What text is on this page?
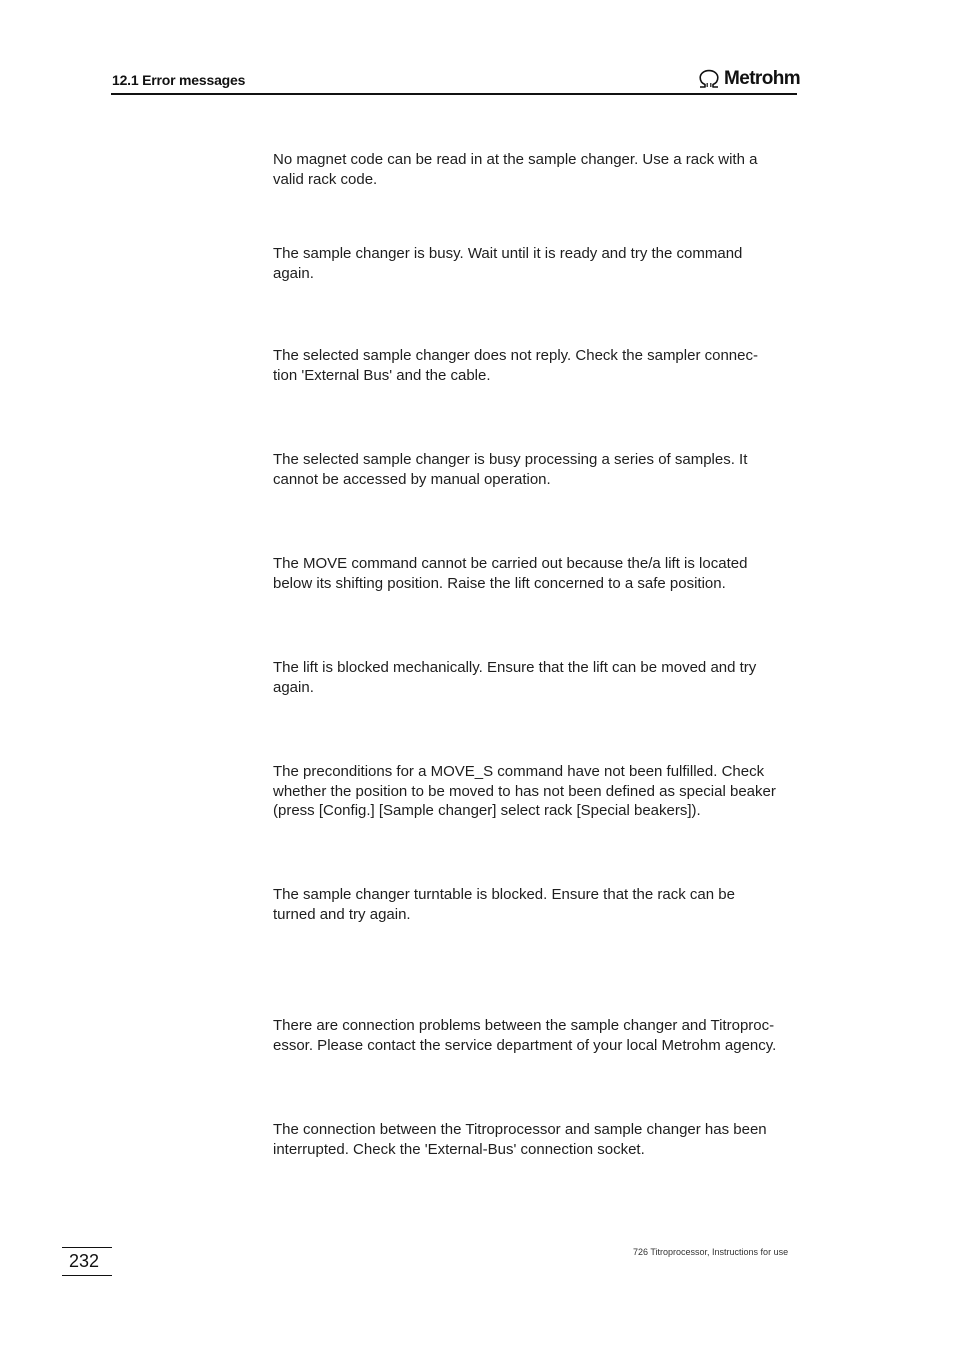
12.1 Error messages	Metrohm
No magnet code can be read in at the sample changer. Use a rack with a
valid rack code.
The sample changer is busy. Wait until it is ready and try the command
again.
The selected sample changer does not reply. Check the sampler connec-
tion 'External Bus' and the cable.
The selected sample changer is busy processing a series of samples. It
cannot be accessed by manual operation.
The MOVE command cannot be carried out because the/a lift is located
below its shifting position. Raise the lift concerned to a safe position.
The lift is blocked mechanically. Ensure that the lift can be moved and try
again.
The preconditions for a MOVE_S command have not been fulfilled. Check
whether the position to be moved to has not been defined as special beaker
(press [Config.] [Sample changer] select rack [Special beakers]).
The sample changer turntable is blocked. Ensure that the rack can be
turned and try again.
There are connection problems between the sample changer and Titroproc-
essor. Please contact the service department of your local Metrohm agency.
The connection between the Titroprocessor and sample changer has been
interrupted. Check the 'External-Bus' connection socket.
232	726 Titroprocessor, Instructions for use
